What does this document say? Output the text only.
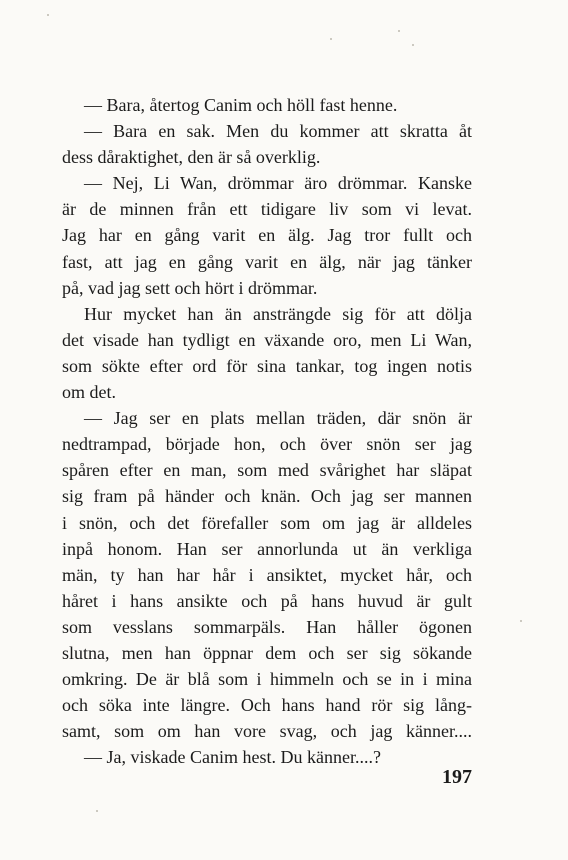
— Bara, återtog Canim och höll fast henne.
— Bara en sak. Men du kommer att skratta åt
dess dåraktighet, den är så overklig.
— Nej, Li Wan, drömmar äro drömmar. Kanske
är de minnen från ett tidigare liv som vi levat.
Jag har en gång varit en älg. Jag tror fullt och
fast, att jag en gång varit en älg, när jag tänker
på, vad jag sett och hört i drömmar.
Hur mycket han än ansträngde sig för att dölja
det visade han tydligt en växande oro, men Li Wan,
som sökte efter ord för sina tankar, tog ingen notis
om det.
— Jag ser en plats mellan träden, där snön är
nedtrampad, började hon, och över snön ser jag
spåren efter en man, som med svårighet har släpat
sig fram på händer och knän. Och jag ser mannen
i snön, och det förefaller som om jag är alldeles
inpå honom. Han ser annorlunda ut än verkliga
män, ty han har hår i ansiktet, mycket hår, och
håret i hans ansikte och på hans huvud är gult
som vesslans sommarpäls. Han håller ögonen
slutna, men han öppnar dem och ser sig sökande
omkring. De är blå som i himmeln och se in i mina
och söka inte längre. Och hans hand rör sig lång-
samt, som om han vore svag, och jag känner....
— Ja, viskade Canim hest. Du känner....?
197
